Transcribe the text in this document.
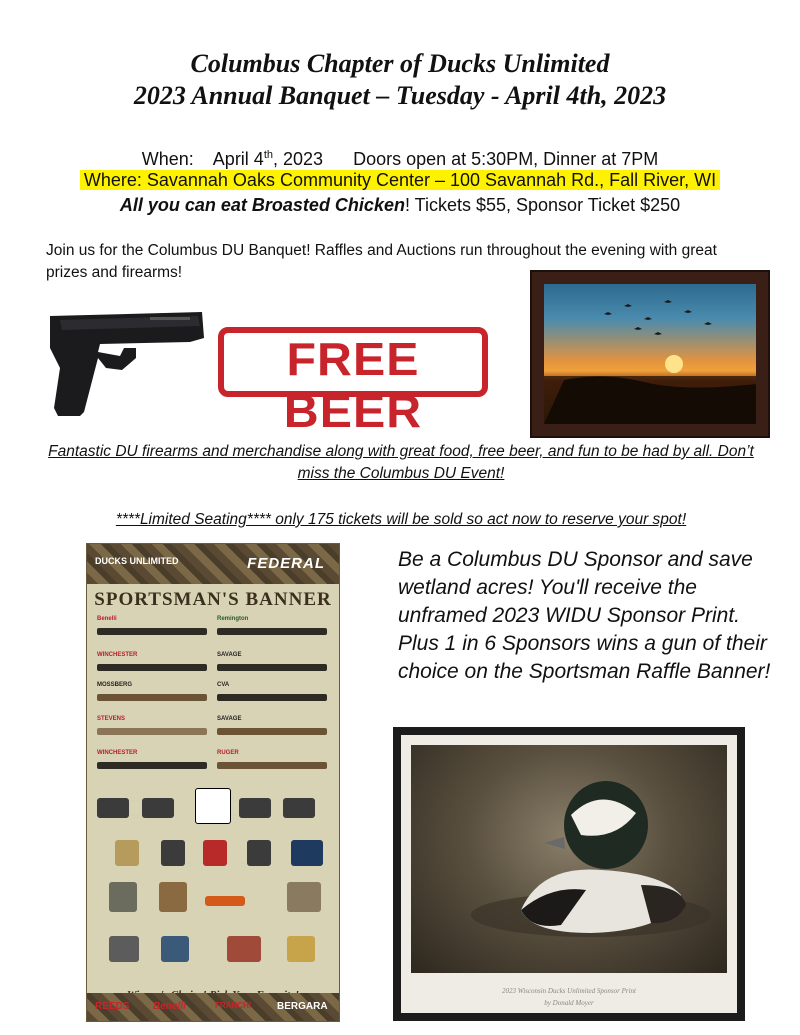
Columbus Chapter of Ducks Unlimited
2023 Annual Banquet – Tuesday - April 4th, 2023
When: April 4th, 2023 Doors open at 5:30PM, Dinner at 7PM
Where: Savannah Oaks Community Center – 100 Savannah Rd., Fall River, WI
All you can eat Broasted Chicken! Tickets $55, Sponsor Ticket $250
Join us for the Columbus DU Banquet! Raffles and Auctions run throughout the evening with great prizes and firearms!
FREE BEER
Fantastic DU firearms and merchandise along with great food, free beer, and fun to be had by all. Don’t miss the Columbus DU Event!
****Limited Seating**** only 175 tickets will be sold so act now to reserve your spot!
DUCKS UNLIMITED	FEDERAL
SPORTSMAN'S BANNER
Benelli	Remington
WINCHESTER	SAVAGE
MOSSBERG	CVA
STEVENS	SAVAGE
WINCHESTER	RUGER
REEDS Benelli	FRANCHI	BERGARA
Be a Columbus DU Sponsor and save wetland acres! You'll receive the unframed 2023 WIDU Sponsor Print. Plus 1 in 6 Sponsors wins a gun of their choice on the Sportsman Raffle Banner!
2023 Wisconsin Ducks Unlimited Sponsor Print
by Donald Moyer
